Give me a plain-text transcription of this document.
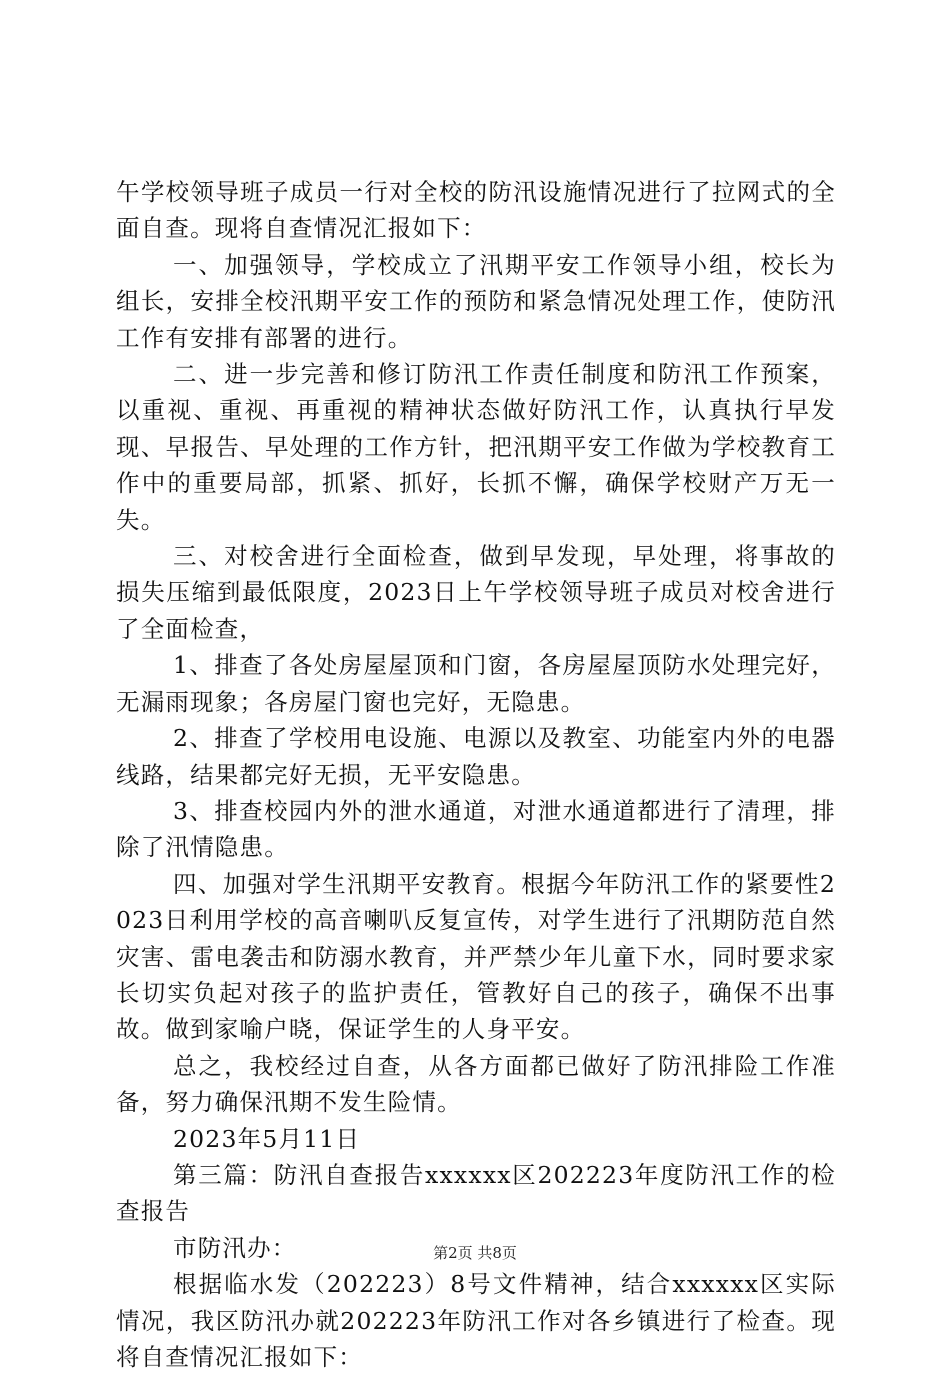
午学校领导班子成员一行对全校的防汛设施情况进行了拉网式的全面自查。现将自查情况汇报如下：

一、加强领导，学校成立了汛期平安工作领导小组，校长为组长，安排全校汛期平安工作的预防和紧急情况处理工作，使防汛工作有安排有部署的进行。

二、进一步完善和修订防汛工作责任制度和防汛工作预案，以重视、重视、再重视的精神状态做好防汛工作，认真执行早发现、早报告、早处理的工作方针，把汛期平安工作做为学校教育工作中的重要局部，抓紧、抓好，长抓不懈，确保学校财产万无一失。

三、对校舍进行全面检查，做到早发现，早处理，将事故的损失压缩到最低限度，2023日上午学校领导班子成员对校舍进行了全面检查，

1、排查了各处房屋屋顶和门窗，各房屋屋顶防水处理完好，无漏雨现象；各房屋门窗也完好，无隐患。

2、排查了学校用电设施、电源以及教室、功能室内外的电器线路，结果都完好无损，无平安隐患。

3、排查校园内外的泄水通道，对泄水通道都进行了清理，排除了汛情隐患。

四、加强对学生汛期平安教育。根据今年防汛工作的紧要性2023日利用学校的高音喇叭反复宣传，对学生进行了汛期防范自然灾害、雷电袭击和防溺水教育，并严禁少年儿童下水，同时要求家长切实负起对孩子的监护责任，管教好自己的孩子，确保不出事故。做到家喻户晓，保证学生的人身平安。

总之，我校经过自查，从各方面都已做好了防汛排险工作准备，努力确保汛期不发生险情。

2023年5月11日

第三篇：防汛自查报告xxxxxx区202223年度防汛工作的检查报告

市防汛办：

根据临水发（202223）8号文件精神，结合xxxxxx区实际情况，我区防汛办就202223年防汛工作对各乡镇进行了检查。现将自查情况汇报如下：

第2页 共8页
